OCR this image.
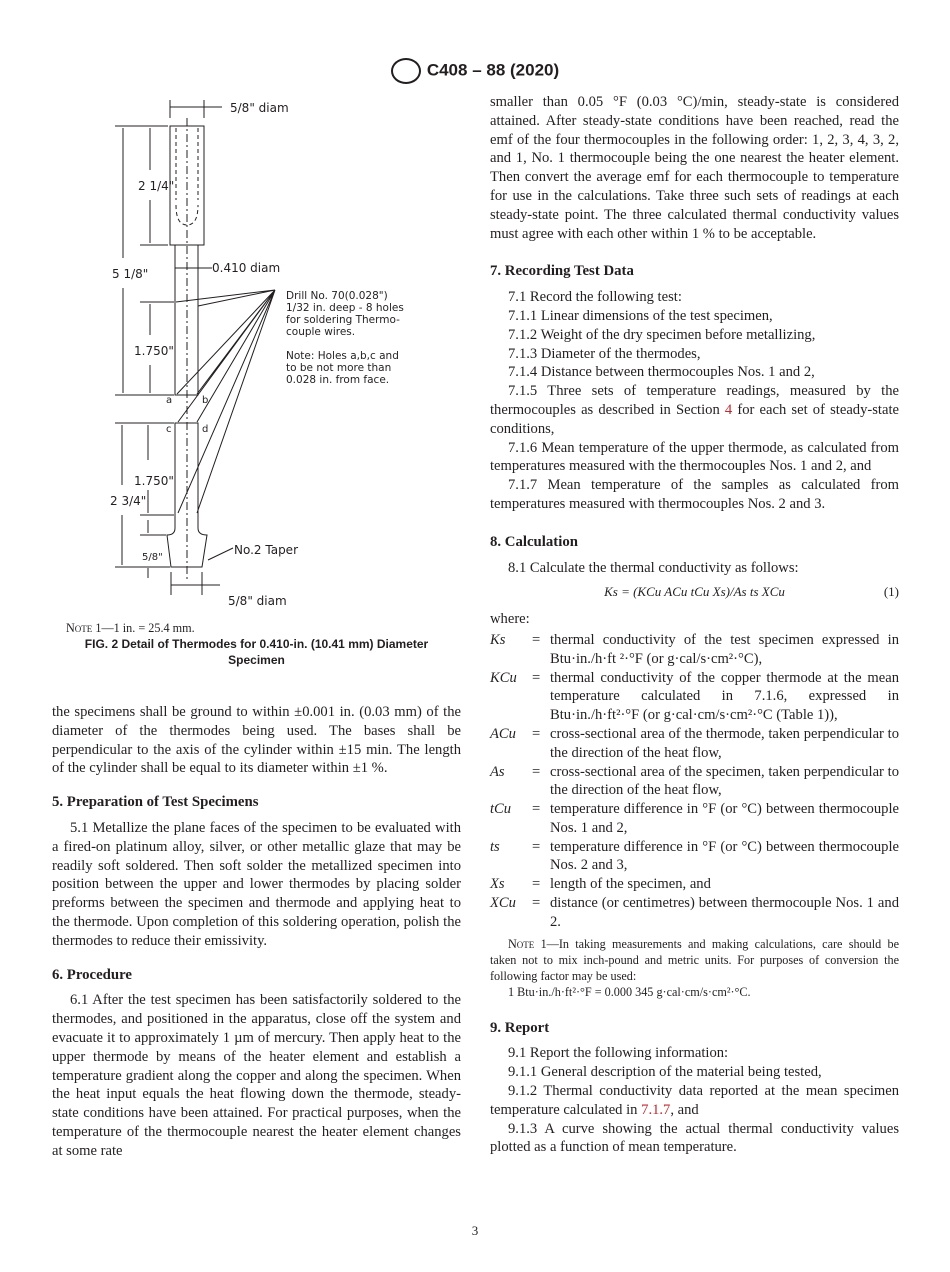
C408 – 88 (2020)
5/8" diam
5/8" diam
5 1/8"
2 1/4"
0.410 diam
1.750"
1.750"
2 3/4"
5/8"
No.2 Taper
a	b
c	d
Drill No. 70(0.028")
1/32 in. deep - 8 holes
for soldering Thermo-
couple wires.
Note: Holes a,b,c and
to be not more than
0.028 in. from face.

Note 1—1 in. = 25.4 mm.

FIG. 2 Detail of Thermodes for 0.410-in. (10.41 mm) Diameter Specimen

the specimens shall be ground to within ±0.001 in. (0.03 mm) of the diameter of the thermodes being used. The bases shall be perpendicular to the axis of the cylinder within ±15 min. The length of the cylinder shall be equal to its diameter within ±1 %.

5. Preparation of Test Specimens

5.1 Metallize the plane faces of the specimen to be evaluated with a fired-on platinum alloy, silver, or other metallic glaze that may be readily soft soldered. Then soft solder the metallized specimen into position between the upper and lower thermodes by placing solder preforms between the specimen and thermode and applying heat to the thermode. Upon completion of this soldering operation, polish the thermodes to reduce their emissivity.

6. Procedure

6.1 After the test specimen has been satisfactorily soldered to the thermodes, and positioned in the apparatus, close off the system and evacuate it to approximately 1 µm of mercury. Then apply heat to the upper thermode by means of the heater element and establish a temperature gradient along the copper and along the specimen. When the heat input equals the heat flowing down the thermode, steady-state conditions have been attained. For practical purposes, when the temperature of the thermocouple nearest the heater element changes at some rate

smaller than 0.05 °F (0.03 °C)/min, steady-state is considered attained. After steady-state conditions have been reached, read the emf of the four thermocouples in the following order: 1, 2, 3, 4, 3, 2, and 1, No. 1 thermocouple being the one nearest the heater element. Then convert the average emf for each thermocouple to temperature for use in the calculations. Take three such sets of readings at each steady-state point. The three calculated thermal conductivity values must agree with each other within 1 % to be acceptable.

7. Recording Test Data

7.1 Record the following test:

7.1.1 Linear dimensions of the test specimen,

7.1.2 Weight of the dry specimen before metallizing,

7.1.3 Diameter of the thermodes,

7.1.4 Distance between thermocouples Nos. 1 and 2,

7.1.5 Three sets of temperature readings, measured by the thermocouples as described in Section 4 for each set of steady-state conditions,

7.1.6 Mean temperature of the upper thermode, as calculated from temperatures measured with the thermocouples Nos. 1 and 2, and

7.1.7 Mean temperature of the samples as calculated from temperatures measured with thermocouples Nos. 2 and 3.

8. Calculation

8.1 Calculate the thermal conductivity as follows:

Ks = (KCu ACu tCu Xs)/As ts XCu	(1)

where:

Ks	= thermal conductivity of the test specimen expressed in Btu·in./h·ft ²·°F (or g·cal/s·cm²·°C),
KCu	= thermal conductivity of the copper thermode at the mean temperature calculated in 7.1.6, expressed in Btu·in./h·ft²·°F (or g·cal·cm/s·cm²·°C (Table 1)),
ACu	= cross-sectional area of the thermode, taken perpendicular to the direction of the heat flow,
As	= cross-sectional area of the specimen, taken perpendicular to the direction of the heat flow,
tCu	= temperature difference in °F (or °C) between thermocouple Nos. 1 and 2,
ts	= temperature difference in °F (or °C) between thermocouple Nos. 2 and 3,
Xs	= length of the specimen, and
XCu	= distance (or centimetres) between thermocouple Nos. 1 and 2.

Note 1—In taking measurements and making calculations, care should be taken not to mix inch-pound and metric units. For purposes of conversion the following factor may be used:

1 Btu·in./h·ft²·°F = 0.000 345 g·cal·cm/s·cm²·°C.

9. Report

9.1 Report the following information:

9.1.1 General description of the material being tested,

9.1.2 Thermal conductivity data reported at the mean specimen temperature calculated in 7.1.7, and

9.1.3 A curve showing the actual thermal conductivity values plotted as a function of mean temperature.

3
